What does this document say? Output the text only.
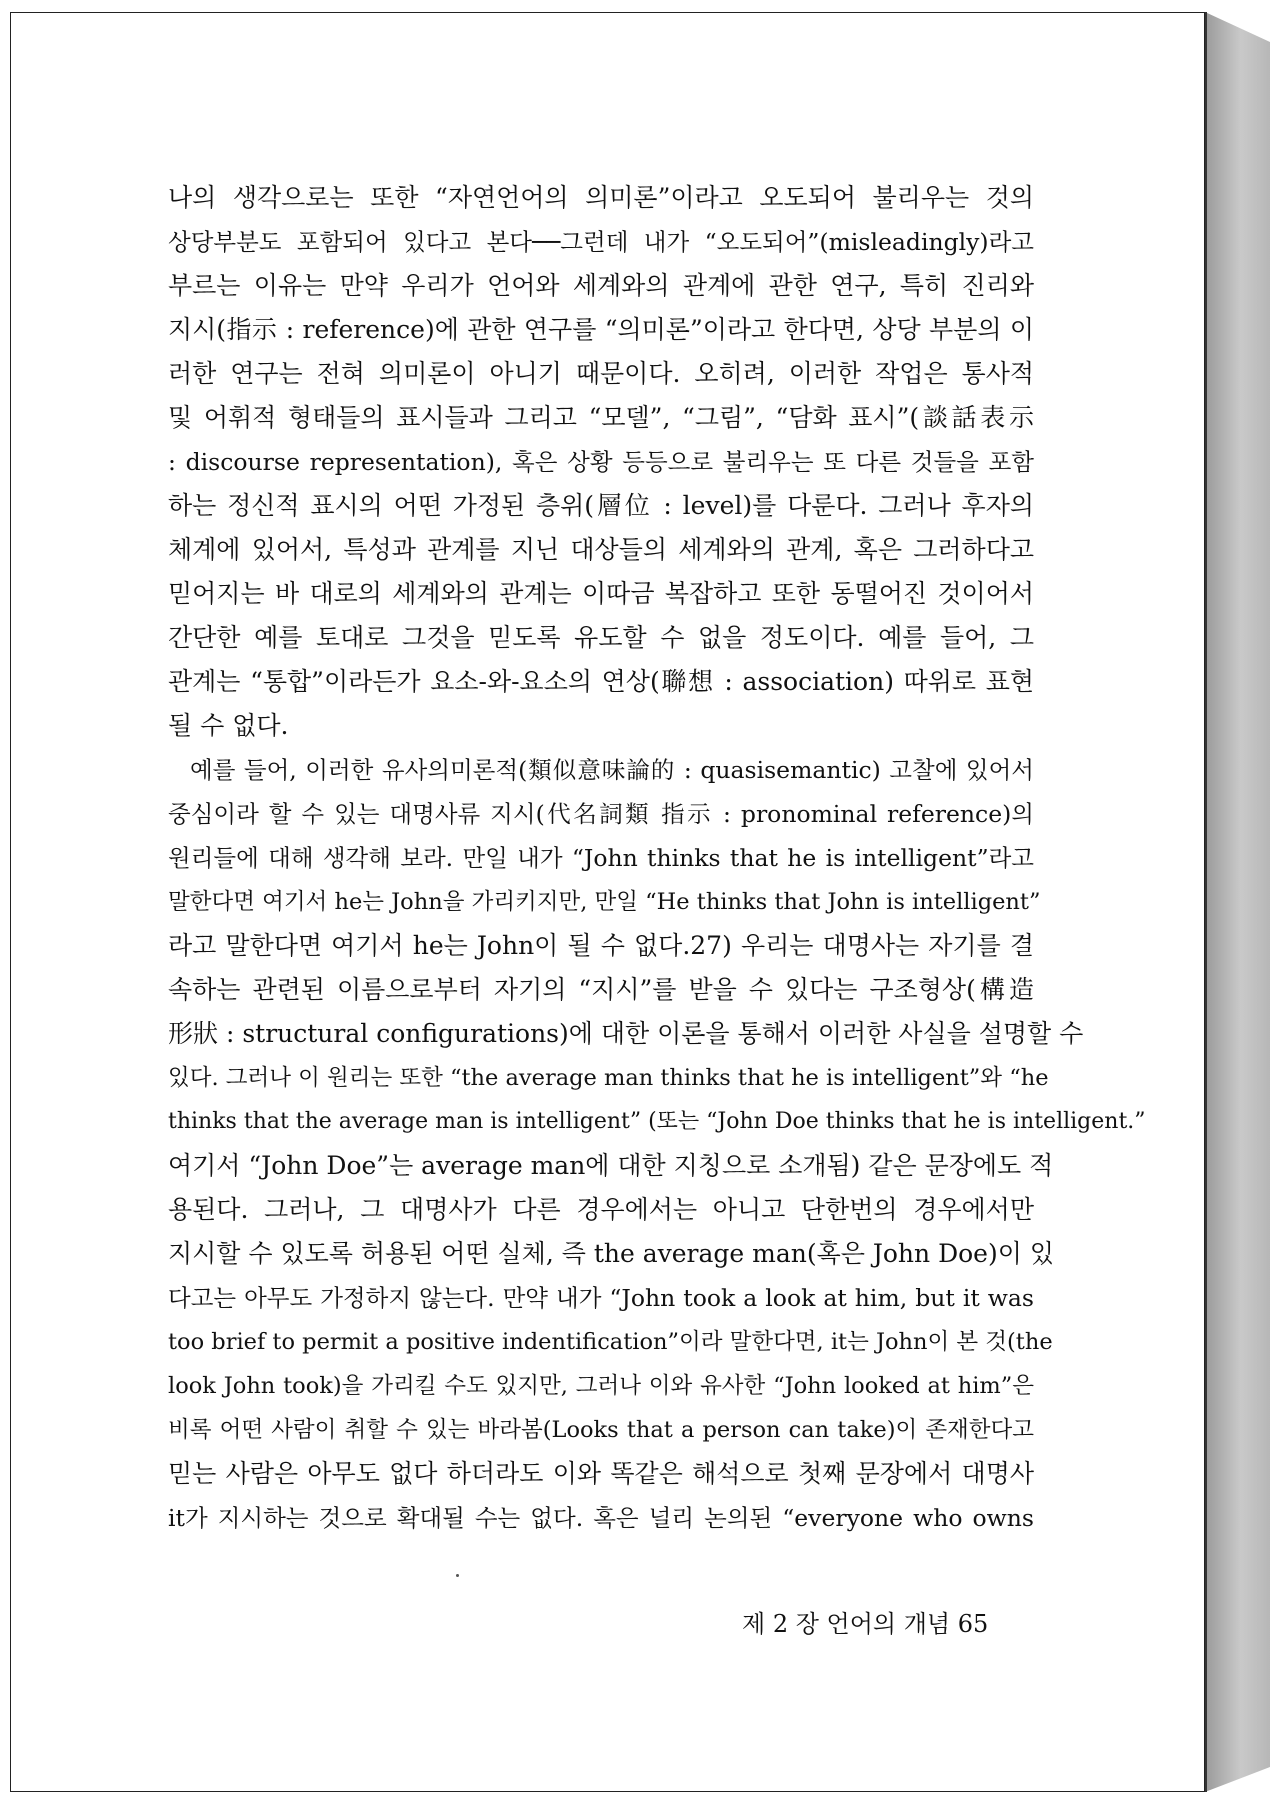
나의 생각으로는 또한 “자연언어의 의미론”이라고 오도되어 불리우는 것의
상당부분도 포함되어 있다고 본다──그런데 내가 “오도되어”(misleadingly)라고
부르는 이유는 만약 우리가 언어와 세계와의 관계에 관한 연구, 특히 진리와
지시(指示 : reference)에 관한 연구를 “의미론”이라고 한다면, 상당 부분의 이
러한 연구는 전혀 의미론이 아니기 때문이다. 오히려, 이러한 작업은 통사적
및 어휘적 형태들의 표시들과 그리고 “모델”, “그림”, “담화 표시”(談話表示
: discourse representation), 혹은 상황 등등으로 불리우는 또 다른 것들을 포함
하는 정신적 표시의 어떤 가정된 층위(層位 : level)를 다룬다. 그러나 후자의
체계에 있어서, 특성과 관계를 지닌 대상들의 세계와의 관계, 혹은 그러하다고
믿어지는 바 대로의 세계와의 관계는 이따금 복잡하고 또한 동떨어진 것이어서
간단한 예를 토대로 그것을 믿도록 유도할 수 없을 정도이다. 예를 들어, 그
관계는 “통합”이라든가 요소-와-요소의 연상(聯想 : association) 따위로 표현
될 수 없다.
예를 들어, 이러한 유사의미론적(類似意味論的 : quasisemantic) 고찰에 있어서
중심이라 할 수 있는 대명사류 지시(代名詞類 指示 : pronominal reference)의
원리들에 대해 생각해 보라. 만일 내가 “John thinks that he is intelligent”라고
말한다면 여기서 he는 John을 가리키지만, 만일 “He thinks that John is intelligent”
라고 말한다면 여기서 he는 John이 될 수 없다.27) 우리는 대명사는 자기를 결
속하는 관련된 이름으로부터 자기의 “지시”를 받을 수 있다는 구조형상(構造
形狀 : structural configurations)에 대한 이론을 통해서 이러한 사실을 설명할 수
있다. 그러나 이 원리는 또한 “the average man thinks that he is intelligent”와 “he
thinks that the average man is intelligent” (또는 “John Doe thinks that he is intelligent.”
여기서 “John Doe”는 average man에 대한 지칭으로 소개됨) 같은 문장에도 적
용된다. 그러나, 그 대명사가 다른 경우에서는 아니고 단한번의 경우에서만
지시할 수 있도록 허용된 어떤 실체, 즉 the average man(혹은 John Doe)이 있
다고는 아무도 가정하지 않는다. 만약 내가 “John took a look at him, but it was
too brief to permit a positive indentification”이라 말한다면, it는 John이 본 것(the
look John took)을 가리킬 수도 있지만, 그러나 이와 유사한 “John looked at him”은
비록 어떤 사람이 취할 수 있는 바라봄(Looks that a person can take)이 존재한다고
믿는 사람은 아무도 없다 하더라도 이와 똑같은 해석으로 첫째 문장에서 대명사
it가 지시하는 것으로 확대될 수는 없다. 혹은 널리 논의된 “everyone who owns
제 2 장 언어의 개념 65
